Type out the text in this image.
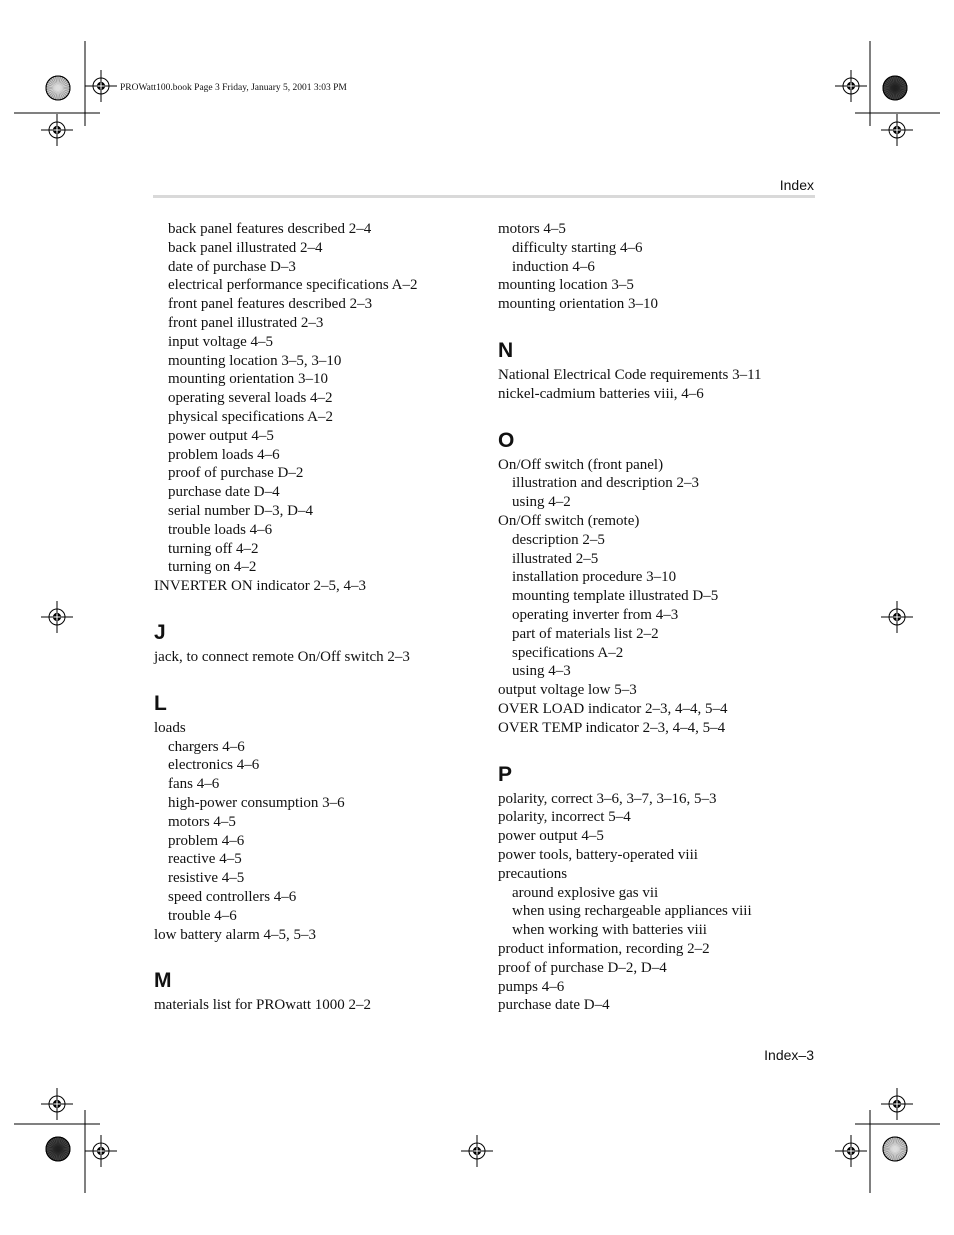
PROWatt100.book Page 3 Friday, January 5, 2001 3:03 PM
Index
back panel features described 2–4
back panel illustrated 2–4
date of purchase D–3
electrical performance specifications A–2
front panel features described 2–3
front panel illustrated 2–3
input voltage 4–5
mounting location 3–5, 3–10
mounting orientation 3–10
operating several loads 4–2
physical specifications A–2
power output 4–5
problem loads 4–6
proof of purchase D–2
purchase date D–4
serial number D–3, D–4
trouble loads 4–6
turning off 4–2
turning on 4–2
INVERTER ON indicator 2–5, 4–3
J
jack, to connect remote On/Off switch 2–3
L
loads
chargers 4–6
electronics 4–6
fans 4–6
high-power consumption 3–6
motors 4–5
problem 4–6
reactive 4–5
resistive 4–5
speed controllers 4–6
trouble 4–6
low battery alarm 4–5, 5–3
M
materials list for PROwatt 1000 2–2
motors 4–5
difficulty starting 4–6
induction 4–6
mounting location 3–5
mounting orientation 3–10
N
National Electrical Code requirements 3–11
nickel-cadmium batteries viii, 4–6
O
On/Off switch (front panel)
illustration and description 2–3
using 4–2
On/Off switch (remote)
description 2–5
illustrated 2–5
installation procedure 3–10
mounting template illustrated D–5
operating inverter from 4–3
part of materials list 2–2
specifications A–2
using 4–3
output voltage low 5–3
OVER LOAD indicator 2–3, 4–4, 5–4
OVER TEMP indicator 2–3, 4–4, 5–4
P
polarity, correct 3–6, 3–7, 3–16, 5–3
polarity, incorrect 5–4
power output 4–5
power tools, battery-operated viii
precautions
around explosive gas vii
when using rechargeable appliances viii
when working with batteries viii
product information, recording 2–2
proof of purchase D–2, D–4
pumps 4–6
purchase date D–4
Index–3
